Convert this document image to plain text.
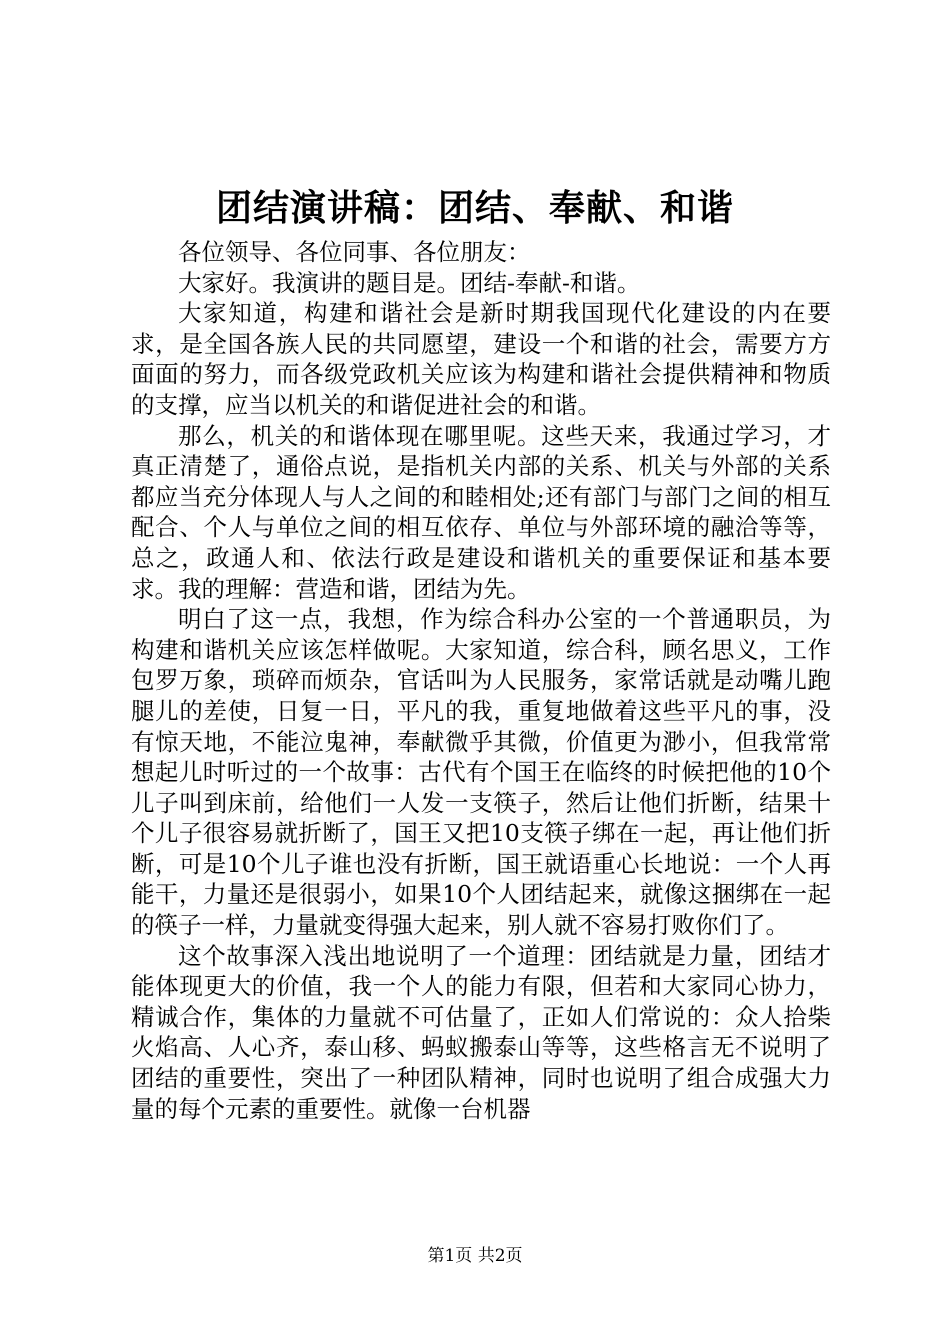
团结演讲稿：团结、奉献、和谐

各位领导、各位同事、各位朋友：

大家好。我演讲的题目是。团结-奉献-和谐。

大家知道，构建和谐社会是新时期我国现代化建设的内在要求，是全国各族人民的共同愿望，建设一个和谐的社会，需要方方面面的努力，而各级党政机关应该为构建和谐社会提供精神和物质的支撑，应当以机关的和谐促进社会的和谐。

那么，机关的和谐体现在哪里呢。这些天来，我通过学习，才真正清楚了，通俗点说，是指机关内部的关系、机关与外部的关系都应当充分体现人与人之间的和睦相处;还有部门与部门之间的相互配合、个人与单位之间的相互依存、单位与外部环境的融洽等等，总之，政通人和、依法行政是建设和谐机关的重要保证和基本要求。我的理解：营造和谐，团结为先。

明白了这一点，我想，作为综合科办公室的一个普通职员，为构建和谐机关应该怎样做呢。大家知道，综合科，顾名思义，工作包罗万象，琐碎而烦杂，官话叫为人民服务，家常话就是动嘴儿跑腿儿的差使，日复一日，平凡的我，重复地做着这些平凡的事，没有惊天地，不能泣鬼神，奉献微乎其微，价值更为渺小，但我常常想起儿时听过的一个故事：古代有个国王在临终的时候把他的10个儿子叫到床前，给他们一人发一支筷子，然后让他们折断，结果十个儿子很容易就折断了，国王又把10支筷子绑在一起，再让他们折断，可是10个儿子谁也没有折断，国王就语重心长地说：一个人再能干，力量还是很弱小，如果10个人团结起来，就像这捆绑在一起的筷子一样，力量就变得强大起来，别人就不容易打败你们了。

这个故事深入浅出地说明了一个道理：团结就是力量，团结才能体现更大的价值，我一个人的能力有限，但若和大家同心协力，精诚合作，集体的力量就不可估量了，正如人们常说的：众人拾柴火焰高、人心齐，泰山移、蚂蚁搬泰山等等，这些格言无不说明了团结的重要性，突出了一种团队精神，同时也说明了组合成强大力量的每个元素的重要性。就像一台机器

第1页 共2页
